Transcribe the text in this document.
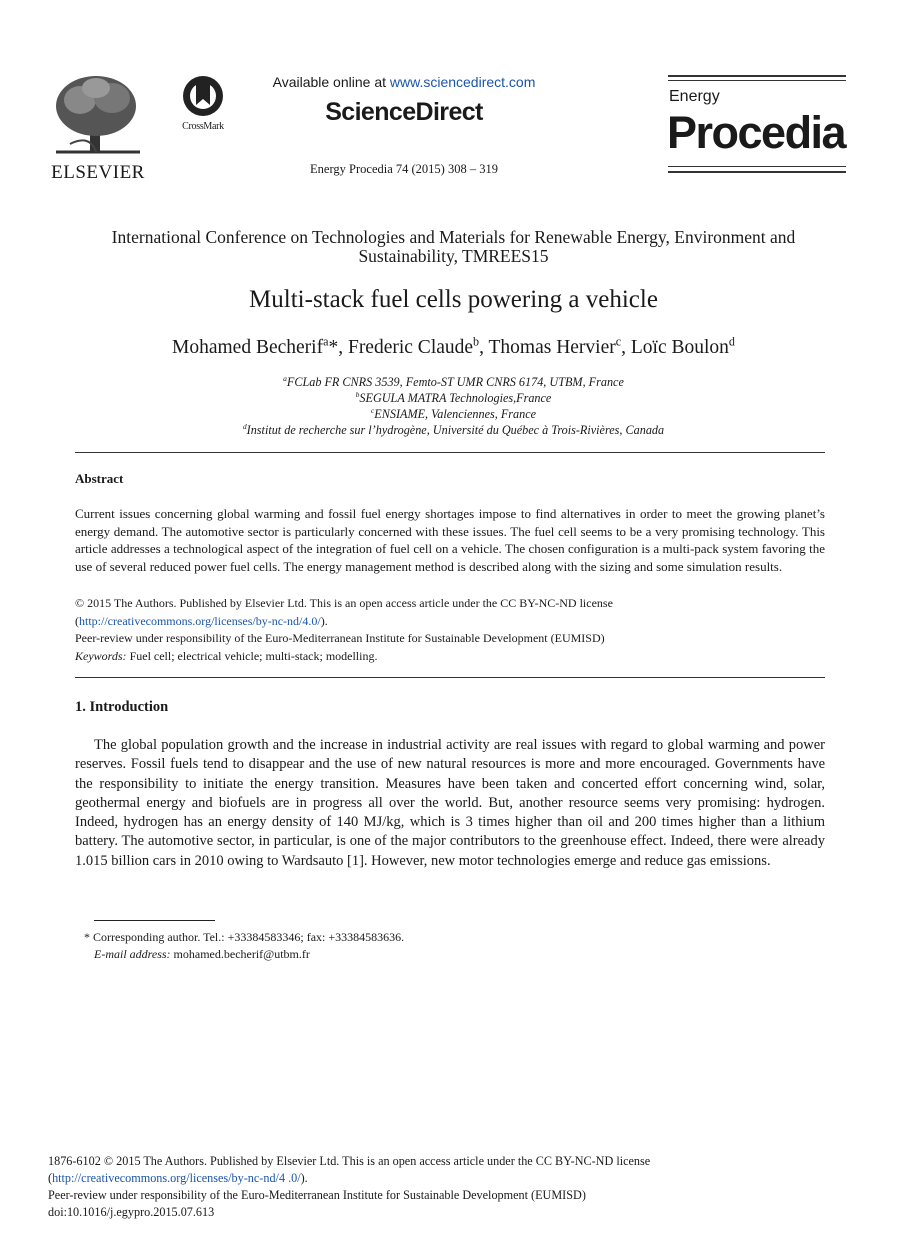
ELSEVIER
CrossMark
Available online at www.sciencedirect.com
ScienceDirect
Energy Procedia 74 (2015) 308 – 319
Energy
Procedia
International Conference on Technologies and Materials for Renewable Energy, Environment and
Sustainability, TMREES15
Multi-stack fuel cells powering a vehicle
Mohamed Becherif$^a$*, Frederic Claude$^b$, Thomas Hervier$^c$, Loïc Boulon$^d$
$^a$FCLab FR CNRS 3539, Femto-ST UMR CNRS 6174, UTBM, France
$^b$SEGULA MATRA Technologies,France
$^c$ENSIAME, Valenciennes, France
$^d$Institut de recherche sur l’hydrogène, Université du Québec à Trois-Rivières, Canada
Abstract
Current issues concerning global warming and fossil fuel energy shortages impose to find alternatives in order to meet the growing planet’s energy demand. The automotive sector is particularly concerned with these issues. The fuel cell seems to be a very promising technology. This article addresses a technological aspect of the integration of fuel cell on a vehicle. The chosen configuration is a multi-pack system favoring the use of several reduced power fuel cells. The energy management method is described along with the sizing and some simulation results.
© 2015 The Authors. Published by Elsevier Ltd. This is an open access article under the CC BY-NC-ND license
(http://creativecommons.org/licenses/by-nc-nd/4.0/).
Peer-review under responsibility of the Euro-Mediterranean Institute for Sustainable Development (EUMISD)
Keywords: Fuel cell; electrical vehicle; multi-stack; modelling.
1. Introduction
The global population growth and the increase in industrial activity are real issues with regard to global warming and power reserves. Fossil fuels tend to disappear and the use of new natural resources is more and more encouraged. Governments have the responsibility to initiate the energy transition. Measures have been taken and concerted effort concerning wind, solar, geothermal energy and biofuels are in progress all over the world. But, another resource seems very promising: hydrogen. Indeed, hydrogen has an energy density of 140 MJ/kg, which is 3 times higher than oil and 200 times higher than a lithium battery. The automotive sector, in particular, is one of the major contributors to the greenhouse effect. Indeed, there were already 1.015 billion cars in 2010 owing to Wardsauto [1]. However, new motor technologies emerge and reduce gas emissions.
* Corresponding author. Tel.: +33384583346; fax: +33384583636.
E-mail address: mohamed.becherif@utbm.fr
1876-6102 © 2015 The Authors. Published by Elsevier Ltd. This is an open access article under the CC BY-NC-ND license
(http://creativecommons.org/licenses/by-nc-nd/4 .0/).
Peer-review under responsibility of the Euro-Mediterranean Institute for Sustainable Development (EUMISD)
doi:10.1016/j.egypro.2015.07.613
